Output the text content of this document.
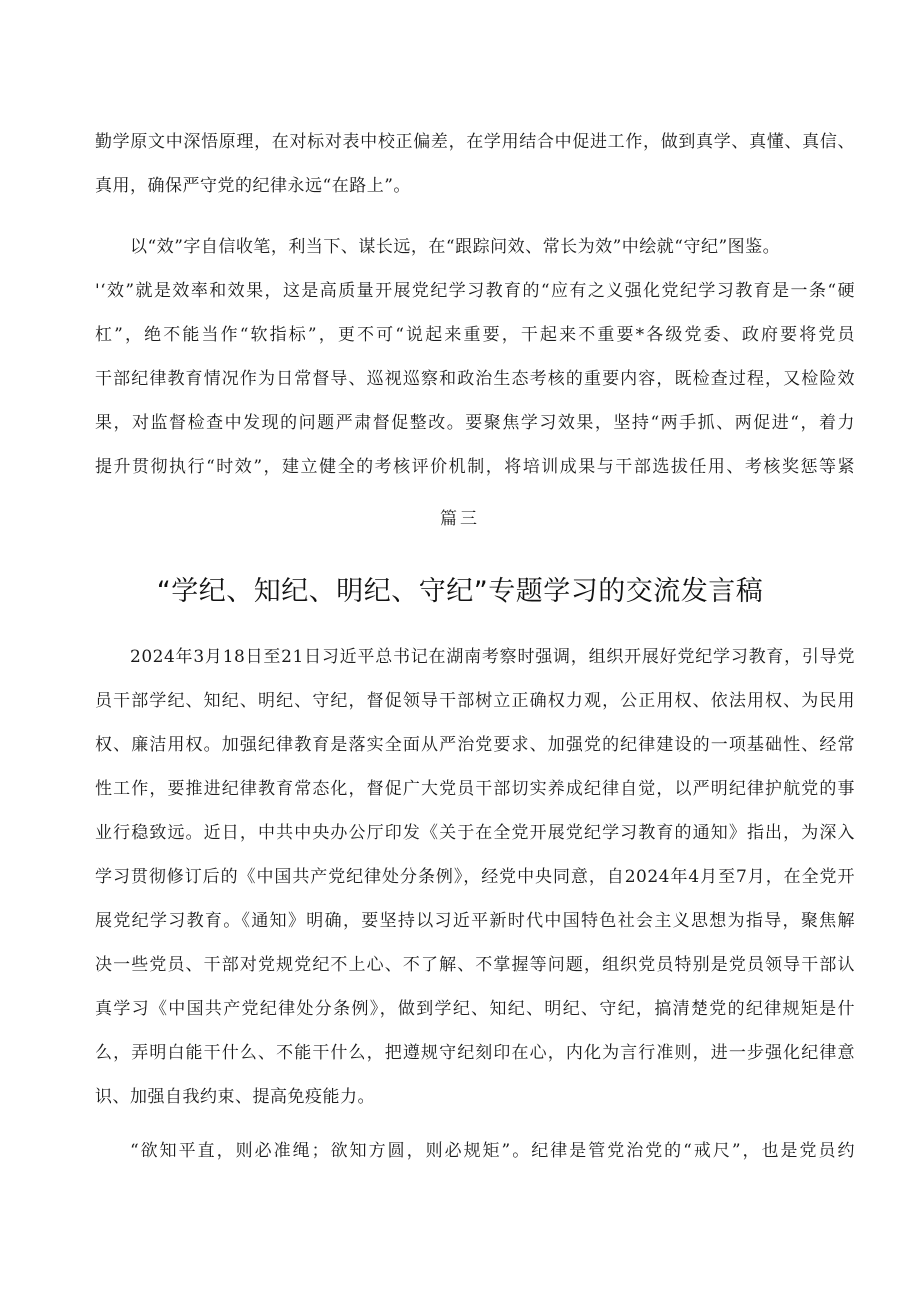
勤学原文中深悟原理，在对标对表中校正偏差，在学用结合中促进工作，做到真学、真懂、真信、
真用，确保严守党的纪律永远“在路上”。
以“效”字自信收笔，利当下、谋长远，在“跟踪问效、常长为效”中绘就“守纪”图鉴。
'‘效”就是效率和效果，这是高质量开展党纪学习教育的“应有之义强化党纪学习教育是一条“硬
杠”，绝不能当作“软指标”，更不可“说起来重要，干起来不重要*各级党委、政府要将党员
干部纪律教育情况作为日常督导、巡视巡察和政治生态考核的重要内容，既检查过程，又检险效
果，对监督检查中发现的问题严肃督促整改。要聚焦学习效果，坚持“两手抓、两促进“，着力
提升贯彻执行“时效”，建立健全的考核评价机制，将培训成果与干部选拔任用、考核奖惩等紧
篇三
“学纪、知纪、明纪、守纪”专题学习的交流发言稿
2024年3月18日至21日习近平总书记在湖南考察时强调，组织开展好党纪学习教育，引导党
员干部学纪、知纪、明纪、守纪，督促领导干部树立正确权力观，公正用权、依法用权、为民用
权、廉洁用权。加强纪律教育是落实全面从严治党要求、加强党的纪律建设的一项基础性、经常
性工作，要推进纪律教育常态化，督促广大党员干部切实养成纪律自觉，以严明纪律护航党的事
业行稳致远。近日，中共中央办公厅印发《关于在全党开展党纪学习教育的通知》指出，为深入
学习贯彻修订后的《中国共产党纪律处分条例》，经党中央同意，自2024年4月至7月，在全党开
展党纪学习教育。《通知》明确，要坚持以习近平新时代中国特色社会主义思想为指导，聚焦解
决一些党员、干部对党规党纪不上心、不了解、不掌握等问题，组织党员特别是党员领导干部认
真学习《中国共产党纪律处分条例》，做到学纪、知纪、明纪、守纪，搞清楚党的纪律规矩是什
么，弄明白能干什么、不能干什么，把遵规守纪刻印在心，内化为言行准则，进一步强化纪律意
识、加强自我约束、提高免疫能力。
“欲知平直，则必准绳；欲知方圆，则必规矩”。纪律是管党治党的“戒尺”，也是党员约
